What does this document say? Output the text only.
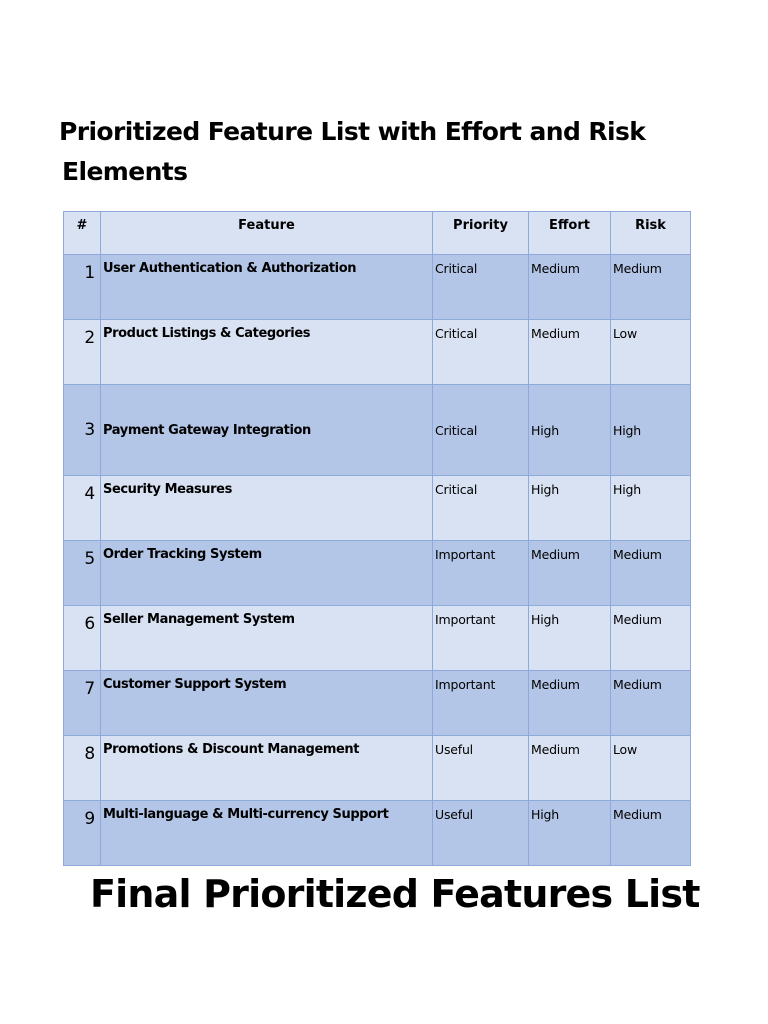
Prioritized Feature List with Effort and Risk
Elements
#	Feature	Priority	Effort	Risk
1	User Authentication & Authorization	Critical	Medium	Medium
2	Product Listings & Categories	Critical	Medium	Low
3	Payment Gateway Integration	Critical	High	High
4	Security Measures	Critical	High	High
5	Order Tracking System	Important	Medium	Medium
6	Seller Management System	Important	High	Medium
7	Customer Support System	Important	Medium	Medium
8	Promotions & Discount Management	Useful	Medium	Low
9	Multi-language & Multi-currency Support	Useful	High	Medium
Final Prioritized Features List
